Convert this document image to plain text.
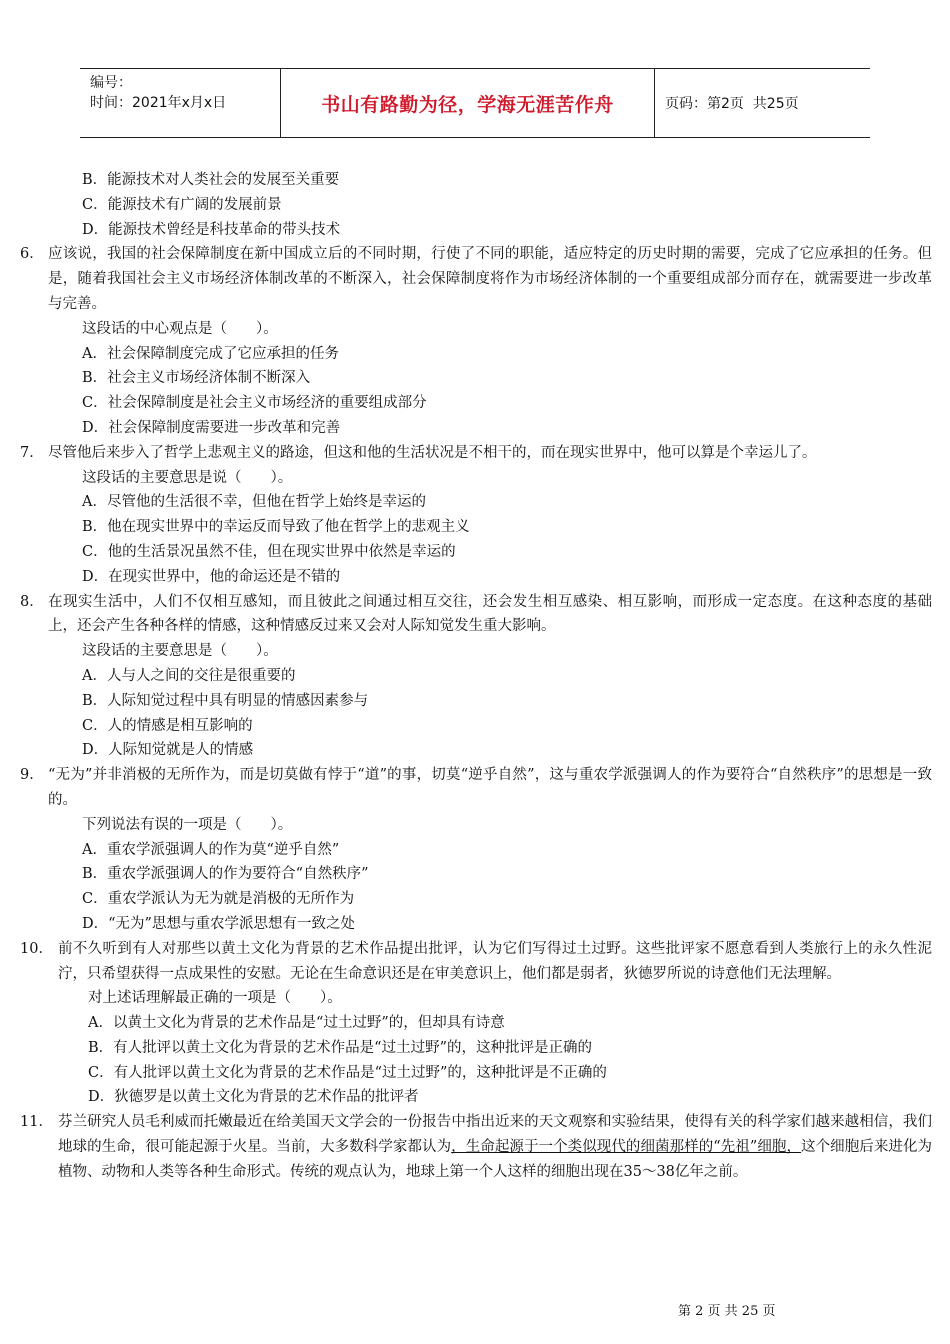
编号：
时间：2021年x月x日	书山有路勤为径，学海无涯苦作舟	页码：第2页  共25页
B．能源技术对人类社会的发展至关重要
C．能源技术有广阔的发展前景
D．能源技术曾经是科技革命的带头技术
6． 应该说，我国的社会保障制度在新中国成立后的不同时期，行使了不同的职能，适应特定的历史时期的需要，完成了它应承担的任务。但是，随着我国社会主义市场经济体制改革的不断深入，社会保障制度将作为市场经济体制的一个重要组成部分而存在，就需要进一步改革与完善。
这段话的中心观点是（　　）。
A．社会保障制度完成了它应承担的任务
B．社会主义市场经济体制不断深入
C．社会保障制度是社会主义市场经济的重要组成部分
D．社会保障制度需要进一步改革和完善
7． 尽管他后来步入了哲学上悲观主义的路途，但这和他的生活状况是不相干的，而在现实世界中，他可以算是个幸运儿了。
这段话的主要意思是说（　　）。
A．尽管他的生活很不幸，但他在哲学上始终是幸运的
B．他在现实世界中的幸运反而导致了他在哲学上的悲观主义
C．他的生活景况虽然不佳，但在现实世界中依然是幸运的
D．在现实世界中，他的命运还是不错的
8． 在现实生活中，人们不仅相互感知，而且彼此之间通过相互交往，还会发生相互感染、相互影响，而形成一定态度。在这种态度的基础上，还会产生各种各样的情感，这种情感反过来又会对人际知觉发生重大影响。
这段话的主要意思是（　　）。
A．人与人之间的交往是很重要的
B．人际知觉过程中具有明显的情感因素参与
C．人的情感是相互影响的
D．人际知觉就是人的情感
9． “无为”并非消极的无所作为，而是切莫做有悖于“道”的事，切莫“逆乎自然”，这与重农学派强调人的作为要符合“自然秩序”的思想是一致的。
下列说法有误的一项是（　　）。
A．重农学派强调人的作为莫“逆乎自然”
B．重农学派强调人的作为要符合“自然秩序”
C．重农学派认为无为就是消极的无所作为
D．“无为”思想与重农学派思想有一致之处
10． 前不久听到有人对那些以黄土文化为背景的艺术作品提出批评，认为它们写得过土过野。这些批评家不愿意看到人类旅行上的永久性泥泞，只希望获得一点成果性的安慰。无论在生命意识还是在审美意识上，他们都是弱者，狄德罗所说的诗意他们无法理解。
对上述话理解最正确的一项是（　　）。
A．以黄土文化为背景的艺术作品是“过土过野”的，但却具有诗意
B．有人批评以黄土文化为背景的艺术作品是“过土过野”的，这种批评是正确的
C．有人批评以黄土文化为背景的艺术作品是“过土过野”的，这种批评是不正确的
D．狄德罗是以黄土文化为背景的艺术作品的批评者
11． 芬兰研究人员毛利威而托嫩最近在给美国天文学会的一份报告中指出近来的天文观察和实验结果，使得有关的科学家们越来越相信，我们地球的生命，很可能起源于火星。当前，大多数科学家都认为，生命起源于一个类似现代的细菌那样的“先祖”细胞，这个细胞后来进化为植物、动物和人类等各种生命形式。传统的观点认为，地球上第一个人这样的细胞出现在35～38亿年之前。
第 2 页 共 25 页
